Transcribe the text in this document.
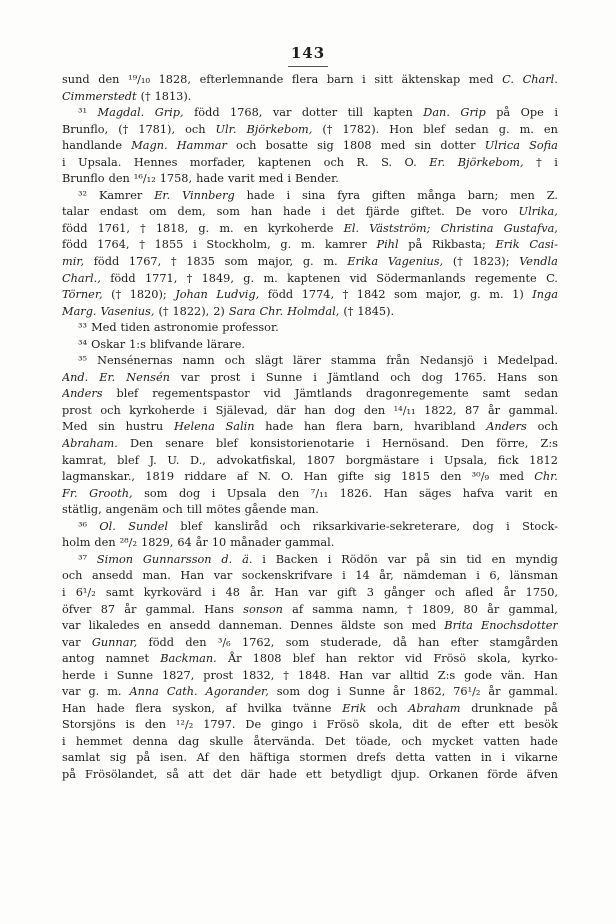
143
sund den ¹⁹/₁₀ 1828, efterlemnande flera barn i sitt äktenskap med C. Charl.
Cimmerstedt († 1813).
³¹ Magdal. Grip, född 1768, var dotter till kapten Dan. Grip på Ope i
Brunflo, († 1781), och Ulr. Björkebom, († 1782). Hon blef sedan g. m. en
handlande Magn. Hammar och bosatte sig 1808 med sin dotter Ulrica Sofia
i Upsala. Hennes morfader, kaptenen och R. S. O. Er. Björkebom, † i
Brunflo den ¹⁶/₁₂ 1758, hade varit med i Bender.
³² Kamrer Er. Vinnberg hade i sina fyra giften många barn; men Z.
talar endast om dem, som han hade i det fjärde giftet. De voro Ulrika,
född 1761, † 1818, g. m. en kyrkoherde El. Västström; Christina Gustafva,
född 1764, † 1855 i Stockholm, g. m. kamrer Pihl på Rikbasta; Erik Casi-
mir, född 1767, † 1835 som major, g. m. Erika Vagenius, († 1823); Vendla
Charl., född 1771, † 1849, g. m. kaptenen vid Södermanlands regemente C.
Törner, († 1820); Johan Ludvig, född 1774, † 1842 som major, g. m. 1) Inga
Marg. Vasenius, († 1822), 2) Sara Chr. Holmdal, († 1845).
³³ Med tiden astronomie professor.
³⁴ Oskar 1:s blifvande lärare.
³⁵ Nensénernas namn och slägt lärer stamma från Nedansjö i Medelpad.
And. Er. Nensén var prost i Sunne i Jämtland och dog 1765. Hans son
Anders blef regementspastor vid Jämtlands dragonregemente samt sedan
prost och kyrkoherde i Själevad, där han dog den ¹⁴/₁₁ 1822, 87 år gammal.
Med sin hustru Helena Salin hade han flera barn, hvaribland Anders och
Abraham. Den senare blef konsistorienotarie i Hernösand. Den förre, Z:s
kamrat, blef J. U. D., advokatfiskal, 1807 borgmästare i Upsala, fick 1812
lagmanskar., 1819 riddare af N. O. Han gifte sig 1815 den ³⁰/₉ med Chr.
Fr. Grooth, som dog i Upsala den ⁷/₁₁ 1826. Han säges hafva varit en
stätlig, angenäm och till mötes gående man.
³⁶ Ol. Sundel blef kansliråd och riksarkivarie-sekreterare, dog i Stock-
holm den ²⁸/₂ 1829, 64 år 10 månader gammal.
³⁷ Simon Gunnarsson d. ä. i Backen i Rödön var på sin tid en myndig
och ansedd man. Han var sockenskrifvare i 14 år, nämdeman i 6, länsman
i 6¹/₂ samt kyrkovärd i 48 år. Han var gift 3 gånger och afled år 1750,
öfver 87 år gammal. Hans sonson af samma namn, † 1809, 80 år gammal,
var likaledes en ansedd danneman. Dennes äldste son med Brita Enochsdotter
var Gunnar, född den ³/₆ 1762, som studerade, då han efter stamgården
antog namnet Backman. År 1808 blef han rektor vid Frösö skola, kyrko-
herde i Sunne 1827, prost 1832, † 1848. Han var alltid Z:s gode vän. Han
var g. m. Anna Cath. Agorander, som dog i Sunne år 1862, 76¹/₂ år gammal.
Han hade flera syskon, af hvilka tvänne Erik och Abraham drunknade på
Storsjöns is den ¹²/₂ 1797. De gingo i Frösö skola, dit de efter ett besök
i hemmet denna dag skulle återvända. Det töade, och mycket vatten hade
samlat sig på isen. Af den häftiga stormen drefs detta vatten in i vikarne
på Frösölandet, så att det där hade ett betydligt djup. Orkanen förde äfven
